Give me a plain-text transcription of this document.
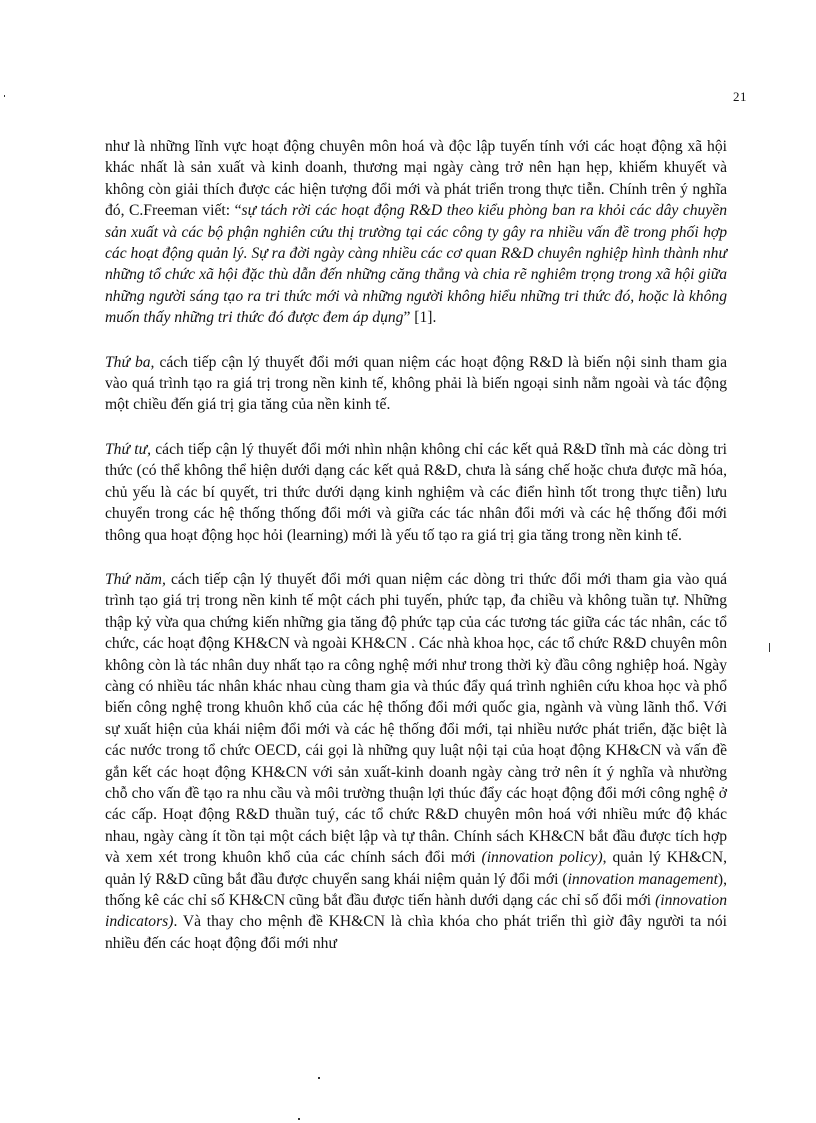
21

như là những lĩnh vực hoạt động chuyên môn hoá và độc lập tuyến tính với các hoạt động xã hội khác nhất là sản xuất và kinh doanh, thương mại ngày càng trở nên hạn hẹp, khiếm khuyết và không còn giải thích được các hiện tượng đổi mới và phát triển trong thực tiễn. Chính trên ý nghĩa đó, C.Freeman viết: “sự tách rời các hoạt động R&D theo kiểu phòng ban ra khỏi các dây chuyền sản xuất và các bộ phận nghiên cứu thị trường tại các công ty gây ra nhiều vấn đề trong phối hợp các hoạt động quản lý. Sự ra đời ngày càng nhiều các cơ quan R&D chuyên nghiệp hình thành như những tổ chức xã hội đặc thù dẫn đến những căng thẳng và chia rẽ nghiêm trọng trong xã hội giữa những người sáng tạo ra tri thức mới và những người không hiểu những tri thức đó, hoặc là không muốn thấy những tri thức đó được đem áp dụng” [1].

Thứ ba, cách tiếp cận lý thuyết đổi mới quan niệm các hoạt động R&D là biến nội sinh tham gia vào quá trình tạo ra giá trị trong nền kinh tế, không phải là biến ngoại sinh nằm ngoài và tác động một chiều đến giá trị gia tăng của nền kinh tế.

Thứ tư, cách tiếp cận lý thuyết đổi mới nhìn nhận không chỉ các kết quả R&D tĩnh mà các dòng tri thức (có thể không thể hiện dưới dạng các kết quả R&D, chưa là sáng chế hoặc chưa được mã hóa, chủ yếu là các bí quyết, tri thức dưới dạng kinh nghiệm và các điển hình tốt trong thực tiễn) lưu chuyển trong các hệ thống thống đổi mới và giữa các tác nhân đổi mới và các hệ thống đổi mới thông qua hoạt động học hỏi (learning) mới là yếu tố tạo ra giá trị gia tăng trong nền kinh tế.

Thứ năm, cách tiếp cận lý thuyết đổi mới quan niệm các dòng tri thức đổi mới tham gia vào quá trình tạo giá trị trong nền kinh tế một cách phi tuyến, phức tạp, đa chiều và không tuần tự. Những thập kỷ vừa qua chứng kiến những gia tăng độ phức tạp của các tương tác giữa các tác nhân, các tổ chức, các hoạt động KH&CN và ngoài KH&CN . Các nhà khoa học, các tổ chức R&D chuyên môn không còn là tác nhân duy nhất tạo ra công nghệ mới như trong thời kỳ đầu công nghiệp hoá. Ngày càng có nhiều tác nhân khác nhau cùng tham gia và thúc đẩy quá trình nghiên cứu khoa học và phổ biến công nghệ trong khuôn khổ của các hệ thống đổi mới quốc gia, ngành và vùng lãnh thổ. Với sự xuất hiện của khái niệm đổi mới và các hệ thống đổi mới, tại nhiều nước phát triển, đặc biệt là các nước trong tổ chức OECD, cái gọi là những quy luật nội tại của hoạt động KH&CN và vấn đề gắn kết các hoạt động KH&CN với sản xuất-kinh doanh ngày càng trở nên ít ý nghĩa và nhường chỗ cho vấn đề tạo ra nhu cầu và môi trường thuận lợi thúc đẩy các hoạt động đổi mới công nghệ ở các cấp. Hoạt động R&D thuần tuý, các tổ chức R&D chuyên môn hoá với nhiều mức độ khác nhau, ngày càng ít tồn tại một cách biệt lập và tự thân. Chính sách KH&CN bắt đầu được tích hợp và xem xét trong khuôn khổ của các chính sách đổi mới (innovation policy), quản lý KH&CN, quản lý R&D cũng bắt đầu được chuyển sang khái niệm quản lý đổi mới (innovation management), thống kê các chỉ số KH&CN cũng bắt đầu được tiến hành dưới dạng các chỉ số đổi mới (innovation indicators). Và thay cho mệnh đề KH&CN là chìa khóa cho phát triển thì giờ đây người ta nói nhiều đến các hoạt động đổi mới như
